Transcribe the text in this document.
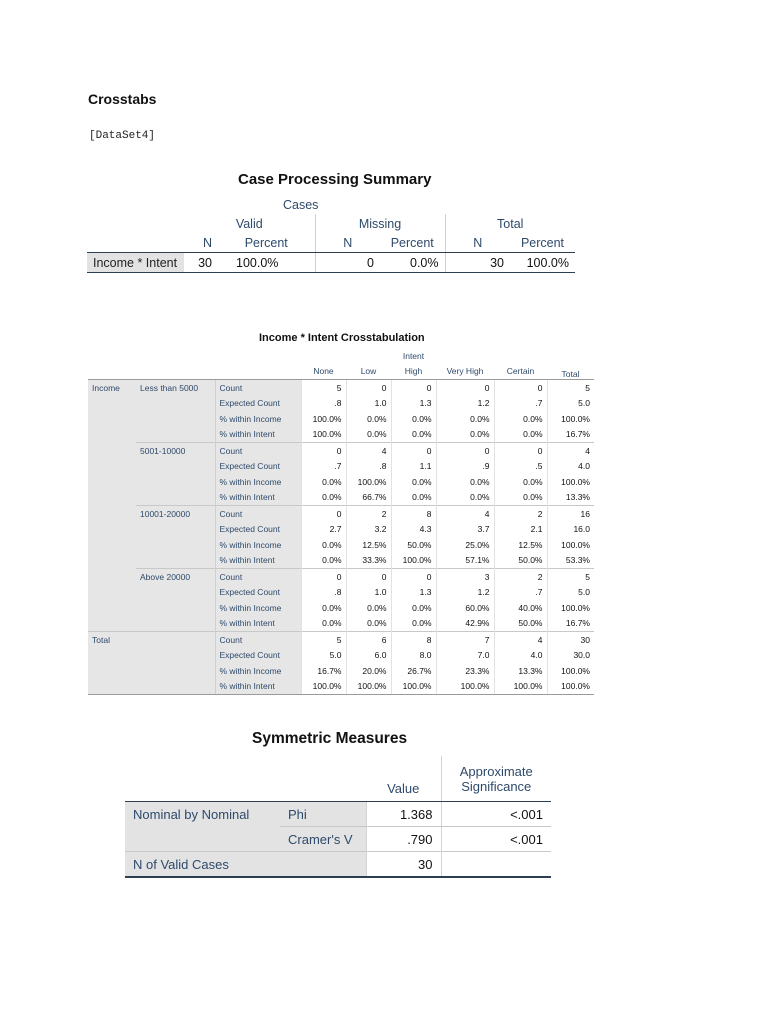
Crosstabs
[DataSet4]
Case Processing Summary
			Cases			
	Valid		Missing		Total	
	N	Percent	N	Percent	N	Percent
Income * Intent	30	100.0%	0	0.0%	30	100.0%
Income * Intent Crosstabulation
					Intent			
			None	Low	High	Very High	Certain	Total
Income	Less than 5000	Count	5	0	0	0	0	5
		Expected Count	.8	1.0	1.3	1.2	.7	5.0
		% within Income	100.0%	0.0%	0.0%	0.0%	0.0%	100.0%
		% within Intent	100.0%	0.0%	0.0%	0.0%	0.0%	16.7%
	5001-10000	Count	0	4	0	0	0	4
		Expected Count	.7	.8	1.1	.9	.5	4.0
		% within Income	0.0%	100.0%	0.0%	0.0%	0.0%	100.0%
		% within Intent	0.0%	66.7%	0.0%	0.0%	0.0%	13.3%
	10001-20000	Count	0	2	8	4	2	16
		Expected Count	2.7	3.2	4.3	3.7	2.1	16.0
		% within Income	0.0%	12.5%	50.0%	25.0%	12.5%	100.0%
		% within Intent	0.0%	33.3%	100.0%	57.1%	50.0%	53.3%
	Above 20000	Count	0	0	0	3	2	5
		Expected Count	.8	1.0	1.3	1.2	.7	5.0
		% within Income	0.0%	0.0%	0.0%	60.0%	40.0%	100.0%
		% within Intent	0.0%	0.0%	0.0%	42.9%	50.0%	16.7%
Total		Count	5	6	8	7	4	30
		Expected Count	5.0	6.0	8.0	7.0	4.0	30.0
		% within Income	16.7%	20.0%	26.7%	23.3%	13.3%	100.0%
		% within Intent	100.0%	100.0%	100.0%	100.0%	100.0%	100.0%
Symmetric Measures
		Value	Approximate
Significance

Nominal by Nominal	Phi	1.368	<.001
	Cramer's V	.790	<.001
N of Valid Cases		30	
